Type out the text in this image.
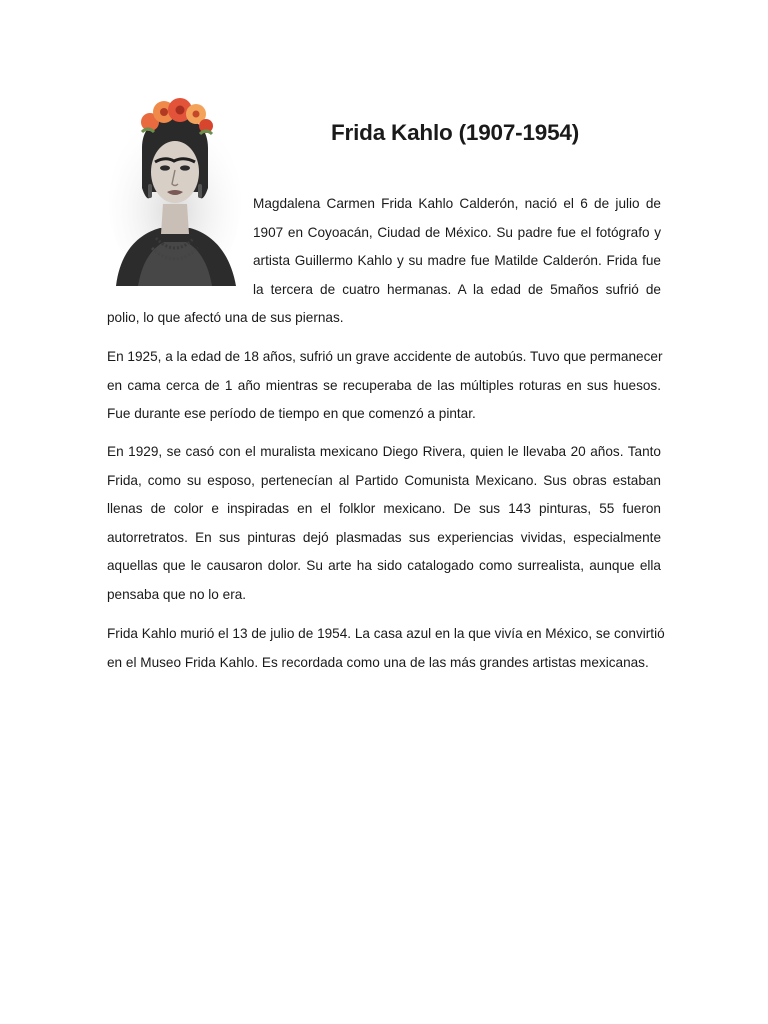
Frida Kahlo (1907-1954)

Magdalena Carmen Frida Kahlo Calderón, nació el 6 de julio de
1907 en Coyoacán, Ciudad de México. Su padre fue el fotógrafo y
artista Guillermo Kahlo y su madre fue Matilde Calderón. Frida fue
la tercera de cuatro hermanas. A la edad de 5maños sufrió de
polio, lo que afectó una de sus piernas.

En 1925, a la edad de 18 años, sufrió un grave accidente de autobús. Tuvo que permanecer
en cama cerca de 1 año mientras se recuperaba de las múltiples roturas en sus huesos.
Fue durante ese período de tiempo en que comenzó a pintar.

En 1929, se casó con el muralista mexicano Diego Rivera, quien le llevaba 20 años. Tanto
Frida, como su esposo, pertenecían al Partido Comunista Mexicano. Sus obras estaban
llenas de color e inspiradas en el folklor mexicano. De sus 143 pinturas, 55 fueron
autorretratos. En sus pinturas dejó plasmadas sus experiencias vividas, especialmente
aquellas que le causaron dolor. Su arte ha sido catalogado como surrealista, aunque ella
pensaba que no lo era.

Frida Kahlo murió el 13 de julio de 1954. La casa azul en la que vivía en México, se convirtió
en el Museo Frida Kahlo. Es recordada como una de las más grandes artistas mexicanas.
